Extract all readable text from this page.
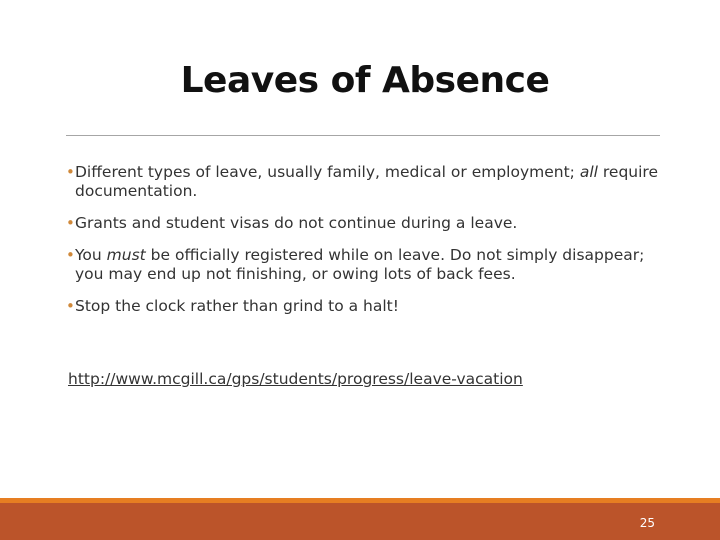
Leaves of Absence
• Different types of leave, usually family, medical or employment; all require documentation.
• Grants and student visas do not continue during a leave.
• You must be officially registered while on leave. Do not simply disappear; you may end up not finishing, or owing lots of back fees.
• Stop the clock rather than grind to a halt!
http://www.mcgill.ca/gps/students/progress/leave-vacation
25
